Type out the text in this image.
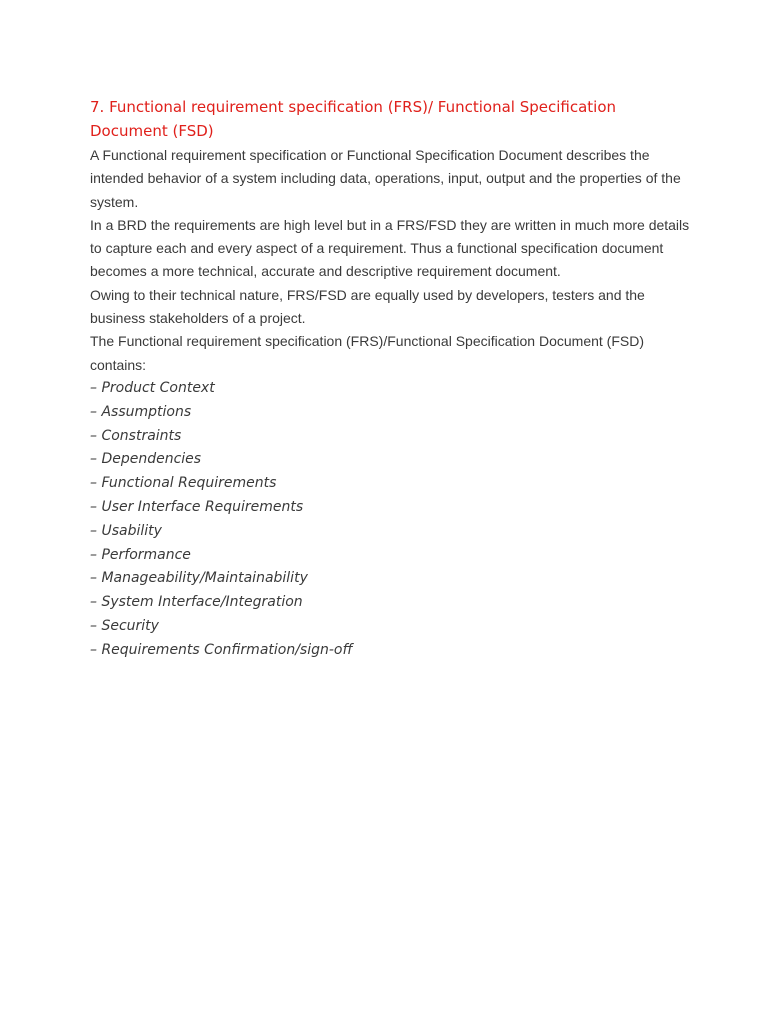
7. Functional requirement specification (FRS)/ Functional Specification
Document (FSD)

A Functional requirement specification or Functional Specification Document describes the intended behavior of a system including data, operations, input, output and the properties of the system.

In a BRD the requirements are high level but in a FRS/FSD they are written in much more details to capture each and every aspect of a requirement. Thus a functional specification document becomes a more technical, accurate and descriptive requirement document.

Owing to their technical nature, FRS/FSD are equally used by developers, testers and the business stakeholders of a project.

The Functional requirement specification (FRS)/Functional Specification Document (FSD) contains:

– Product Context
– Assumptions
– Constraints
– Dependencies
– Functional Requirements
– User Interface Requirements
– Usability
– Performance
– Manageability/Maintainability
– System Interface/Integration
– Security
– Requirements Confirmation/sign-off
